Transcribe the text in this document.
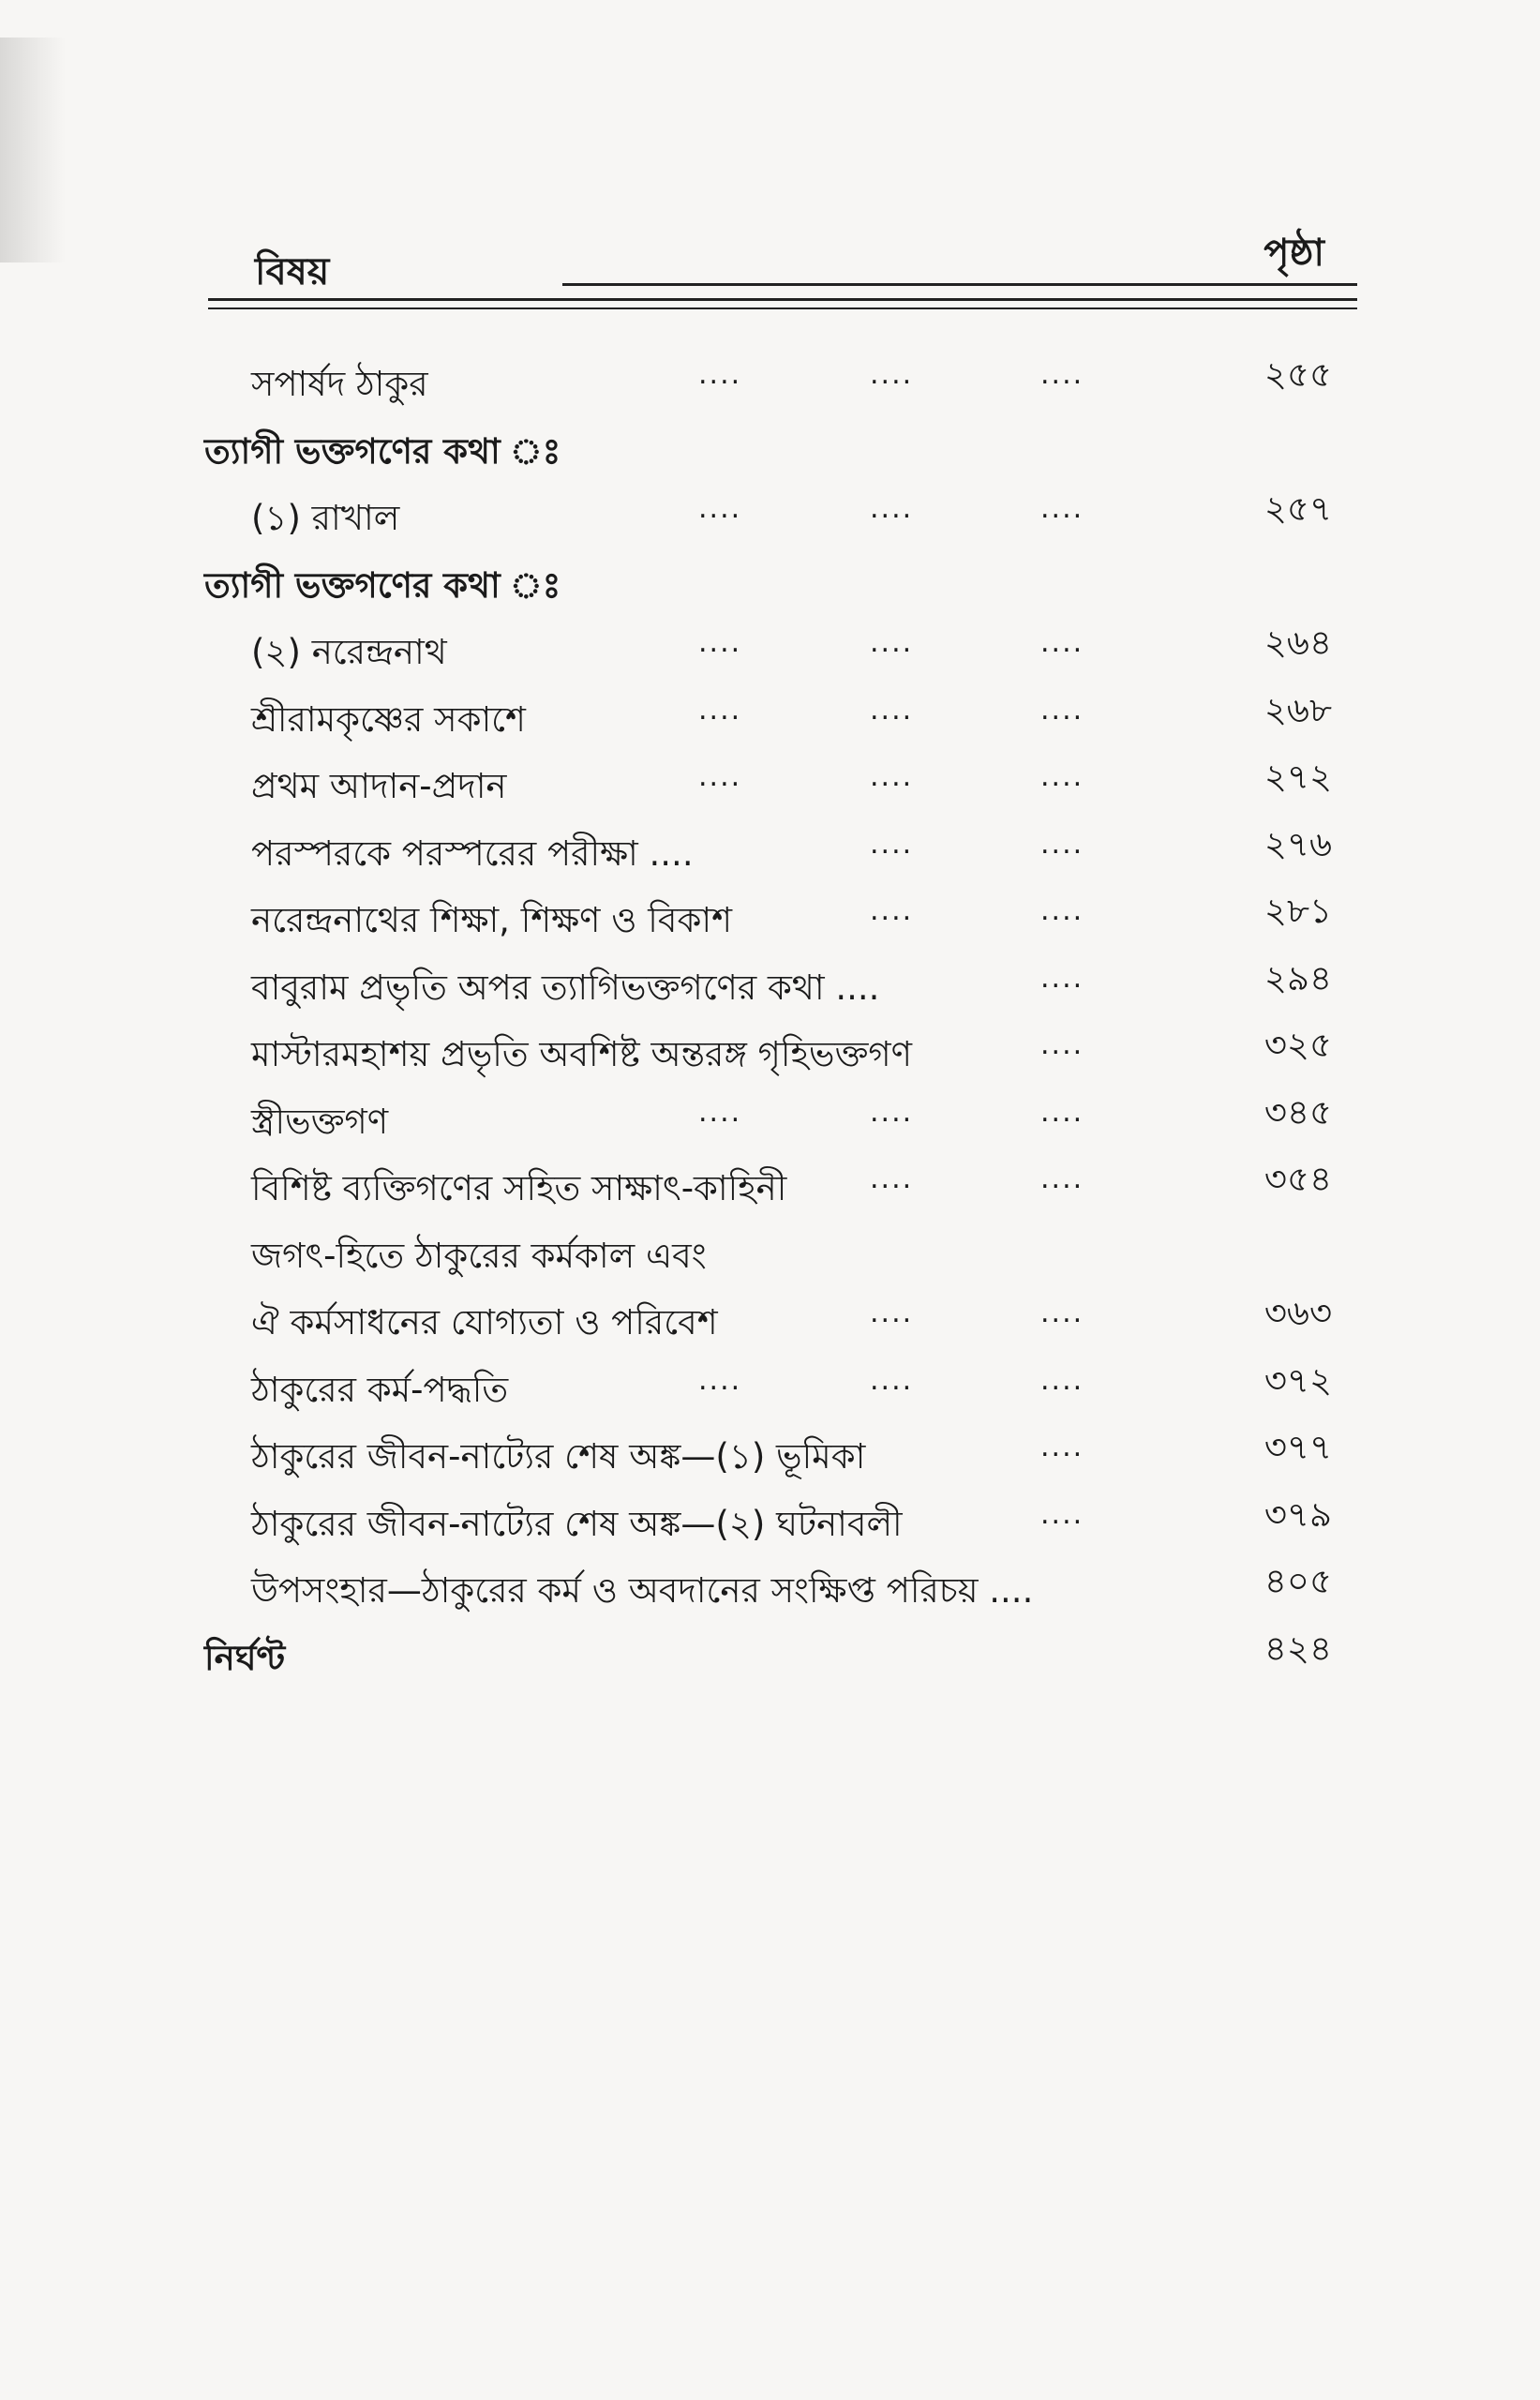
বিষয়	পৃষ্ঠা
সপার্ষদ ঠাকুর	....	....	....	২৫৫
ত্যাগী ভক্তগণের কথা ঃ
(১) রাখাল	....	....	....	২৫৭
ত্যাগী ভক্তগণের কথা ঃ
(২) নরেন্দ্রনাথ	....	....	....	২৬৪
শ্রীরামকৃষ্ণের সকাশে	....	....	....	২৬৮
প্রথম আদান-প্রদান	....	....	....	২৭২
পরস্পরকে পরস্পরের পরীক্ষা ....	....	....	২৭৬
নরেন্দ্রনাথের শিক্ষা, শিক্ষণ ও বিকাশ	....	....	২৮১
বাবুরাম প্রভৃতি অপর ত্যাগিভক্তগণের কথা ....	....	২৯৪
মাস্টারমহাশয় প্রভৃতি অবশিষ্ট অন্তরঙ্গ গৃহিভক্তগণ	....	৩২৫
স্ত্রীভক্তগণ	....	....	....	৩৪৫
বিশিষ্ট ব্যক্তিগণের সহিত সাক্ষাৎ-কাহিনী	....	....	৩৫৪
জগৎ-হিতে ঠাকুরের কর্মকাল এবং
ঐ কর্মসাধনের যোগ্যতা ও পরিবেশ	....	....	৩৬৩
ঠাকুরের কর্ম-পদ্ধতি	....	....	....	৩৭২
ঠাকুরের জীবন-নাট্যের শেষ অঙ্ক—(১) ভূমিকা	....	৩৭৭
ঠাকুরের জীবন-নাট্যের শেষ অঙ্ক—(২) ঘটনাবলী	....	৩৭৯
উপসংহার—ঠাকুরের কর্ম ও অবদানের সংক্ষিপ্ত পরিচয় ....	৪০৫
নির্ঘণ্ট	৪২৪
